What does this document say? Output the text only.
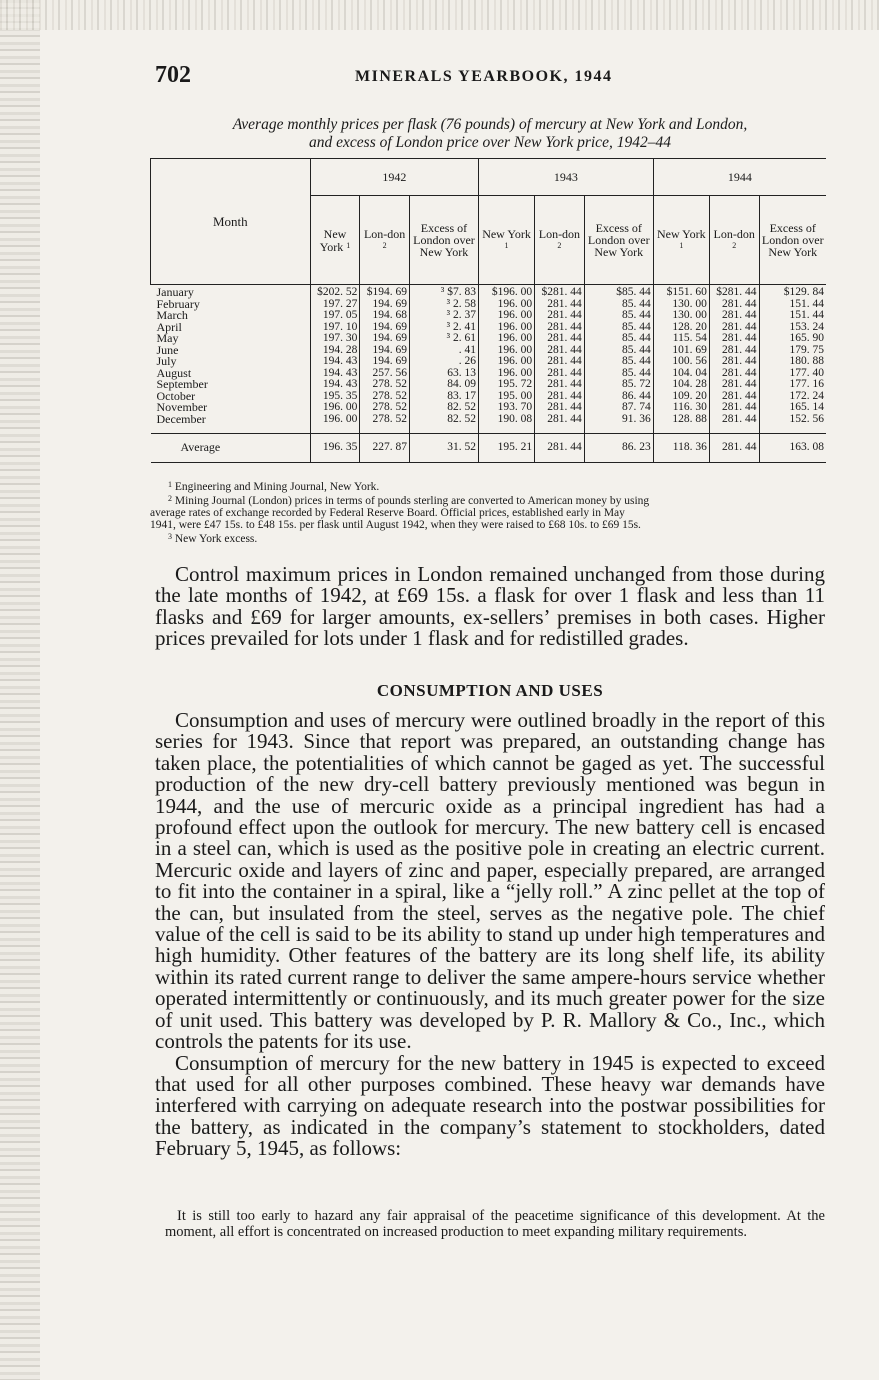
702	MINERALS YEARBOOK, 1944
Average monthly prices per flask (76 pounds) of mercury at New York and London,
and excess of London price over New York price, 1942–44
Month	1942			1943			1944		
	New York $^1$	Lon-don $^2$	Excess of London over New York	New York $^1$	Lon-don $^2$	Excess of London over New York	New York $^1$	Lon-don $^2$	Excess of London over New York
January	$202. 52	$194. 69	³ $7. 83	$196. 00	$281. 44	$85. 44	$151. 60	$281. 44	$129. 84
February	197. 27	194. 69	³ 2. 58	196. 00	281. 44	85. 44	130. 00	281. 44	151. 44
March	197. 05	194. 68	³ 2. 37	196. 00	281. 44	85. 44	130. 00	281. 44	151. 44
April	197. 10	194. 69	³ 2. 41	196. 00	281. 44	85. 44	128. 20	281. 44	153. 24
May	197. 30	194. 69	³ 2. 61	196. 00	281. 44	85. 44	115. 54	281. 44	165. 90
June	194. 28	194. 69	. 41	196. 00	281. 44	85. 44	101. 69	281. 44	179. 75
July	194. 43	194. 69	. 26	196. 00	281. 44	85. 44	100. 56	281. 44	180. 88
August	194. 43	257. 56	63. 13	196. 00	281. 44	85. 44	104. 04	281. 44	177. 40
September	194. 43	278. 52	84. 09	195. 72	281. 44	85. 72	104. 28	281. 44	177. 16
October	195. 35	278. 52	83. 17	195. 00	281. 44	86. 44	109. 20	281. 44	172. 24
November	196. 00	278. 52	82. 52	193. 70	281. 44	87. 74	116. 30	281. 44	165. 14
December	196. 00	278. 52	82. 52	190. 08	281. 44	91. 36	128. 88	281. 44	152. 56
Average	196. 35	227. 87	31. 52	195. 21	281. 44	86. 23	118. 36	281. 44	163. 08
$^1$ Engineering and Mining Journal, New York.
$^2$ Mining Journal (London) prices in terms of pounds sterling are converted to American money by using
average rates of exchange recorded by Federal Reserve Board. Official prices, established early in May
1941, were £47 15s. to £48 15s. per flask until August 1942, when they were raised to £68 10s. to £69 15s.
$^3$ New York excess.

Control maximum prices in London remained unchanged from those during the late months of 1942, at £69 15s. a flask for over 1 flask and less than 11 flasks and £69 for larger amounts, ex-sellers’ premises in both cases. Higher prices prevailed for lots under 1 flask and for redistilled grades.

CONSUMPTION AND USES

Consumption and uses of mercury were outlined broadly in the report of this series for 1943. Since that report was prepared, an outstanding change has taken place, the potentialities of which cannot be gaged as yet. The successful production of the new dry-cell battery previously mentioned was begun in 1944, and the use of mercuric oxide as a principal ingredient has had a profound effect upon the outlook for mercury. The new battery cell is encased in a steel can, which is used as the positive pole in creating an electric current. Mercuric oxide and layers of zinc and paper, especially prepared, are arranged to fit into the container in a spiral, like a “jelly roll.” A zinc pellet at the top of the can, but insulated from the steel, serves as the negative pole. The chief value of the cell is said to be its ability to stand up under high temperatures and high humidity. Other features of the battery are its long shelf life, its ability within its rated current range to deliver the same ampere-hours service whether operated intermittently or continuously, and its much greater power for the size of unit used. This battery was developed by P. R. Mallory & Co., Inc., which controls the patents for its use.

Consumption of mercury for the new battery in 1945 is expected to exceed that used for all other purposes combined. These heavy war demands have interfered with carrying on adequate research into the postwar possibilities for the battery, as indicated in the company’s statement to stockholders, dated February 5, 1945, as follows:

It is still too early to hazard any fair appraisal of the peacetime significance of this development. At the moment, all effort is concentrated on increased production to meet expanding military requirements.
